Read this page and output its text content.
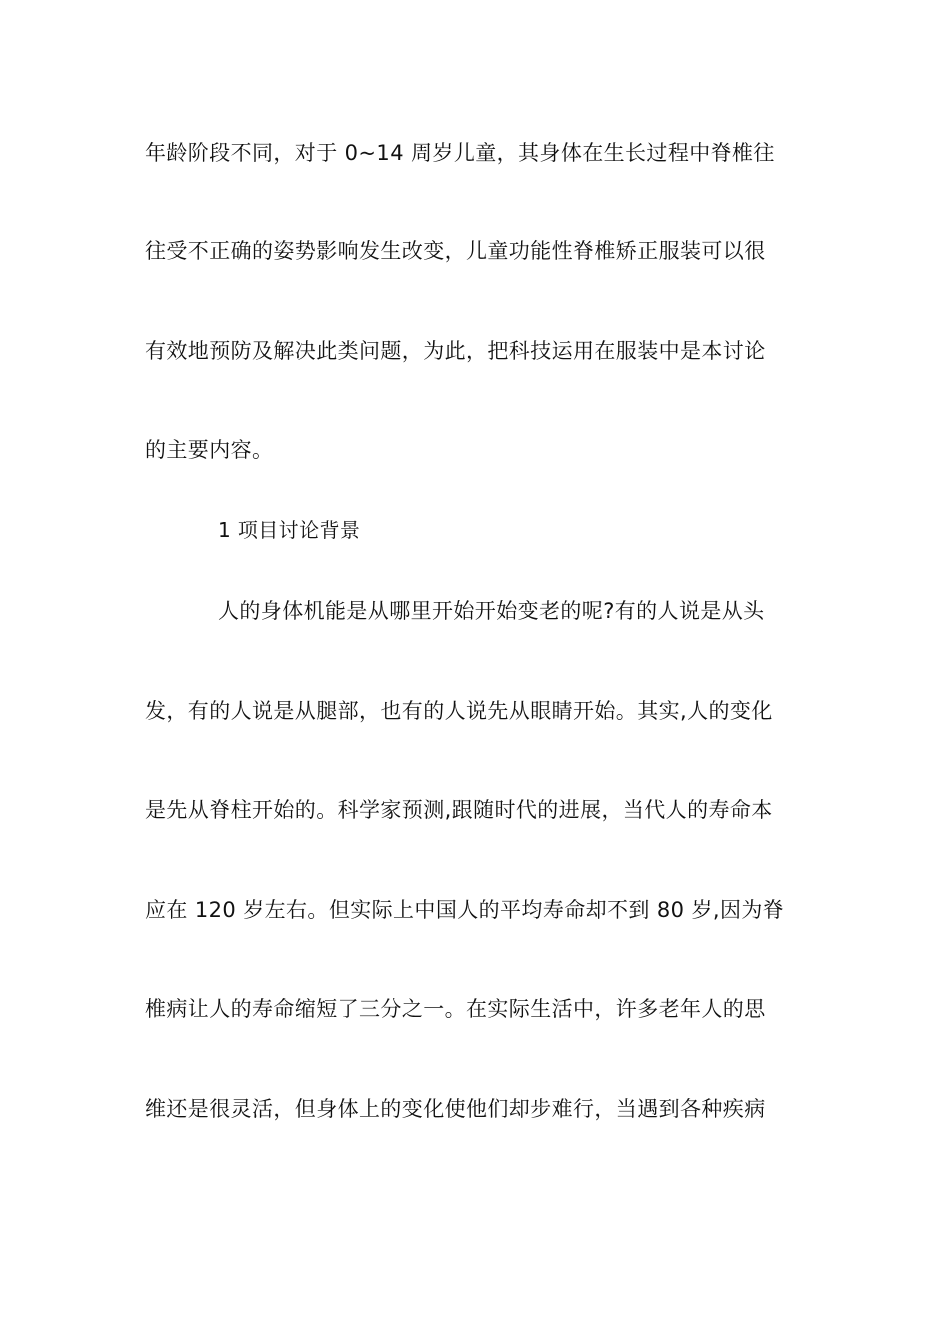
年龄阶段不同，对于 0~14 周岁儿童，其身体在生长过程中脊椎往
往受不正确的姿势影响发生改变，儿童功能性脊椎矫正服装可以很
有效地预防及解决此类问题，为此，把科技运用在服装中是本讨论
的主要内容。
1 项目讨论背景
人的身体机能是从哪里开始开始变老的呢?有的人说是从头
发，有的人说是从腿部，也有的人说先从眼睛开始。其实,人的变化
是先从脊柱开始的。科学家预测,跟随时代的进展，当代人的寿命本
应在 120 岁左右。但实际上中国人的平均寿命却不到 80 岁,因为脊
椎病让人的寿命缩短了三分之一。在实际生活中，许多老年人的思
维还是很灵活，但身体上的变化使他们却步难行，当遇到各种疾病
